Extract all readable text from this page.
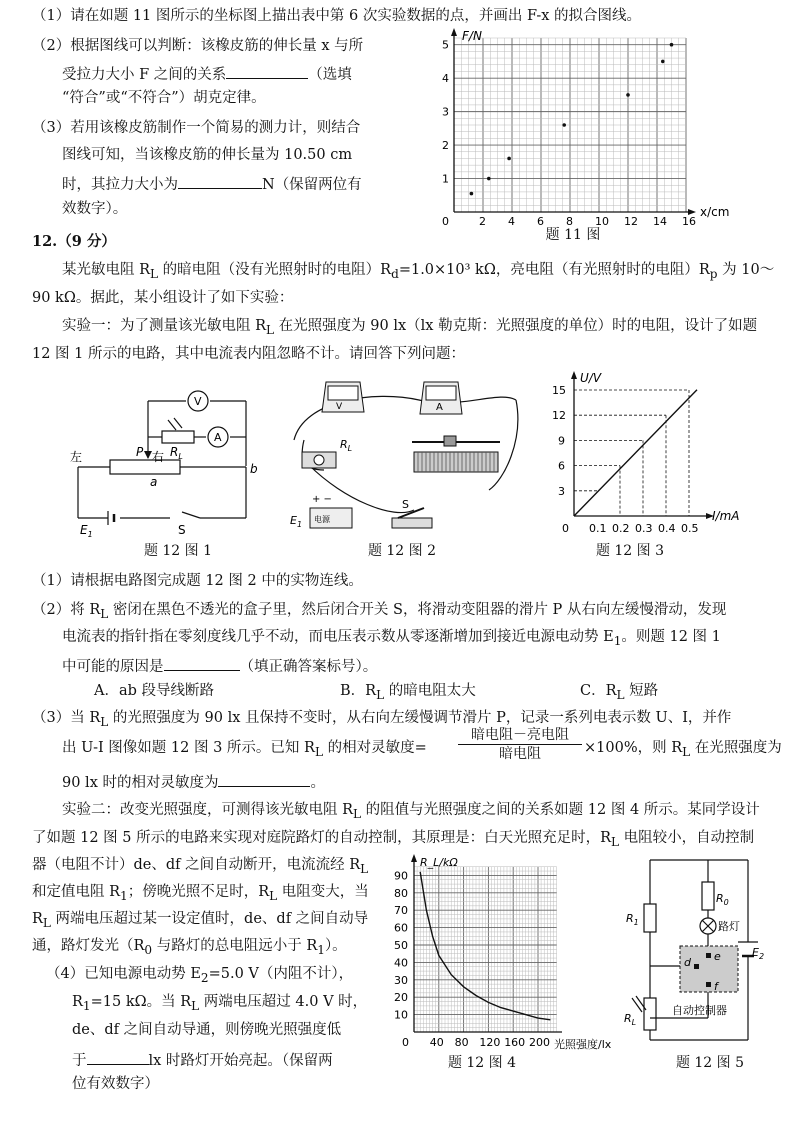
（1）请在如题 11 图所示的坐标图上描出表中第 6 次实验数据的点，并画出 F-x 的拟合图线。
（2）根据图线可以判断：该橡皮筋的伸长量 x 与所
受拉力大小 F 之间的关系	（选填
“符合”或“不符合”）胡克定律。
（3）若用该橡皮筋制作一个简易的测力计，则结合
图线可知，当该橡皮筋的伸长量为 10.50 cm
时，其拉力大小为	N（保留两位有
效数字）。
F/N
x/cm
0	2 4 6 8 10 12 14 16
1
2
3
4
5
题 11 图
12.（9 分）
某光敏电阻 $R_L$ 的暗电阻（没有光照射时的电阻）$R_d=1.0\times 10^3$ kΩ，亮电阻（有光照射时的电阻）$R_p$ 为 10～
90 kΩ。据此，某小组设计了如下实验：
实验一：为了测量该光敏电阻 $R_L$ 在光照强度为 90 lx（lx 勒克斯：光照强度的单位）时的电阻，设计了如题
12 图 1 所示的电路，其中电流表内阻忽略不计。请回答下列问题：
V
A
$R_L$
左	P 右
a
b
$E_1$	S
题 12 图 1
V	A
$R_L$
S
+ −
电源
$E_1$
题 12 图 2
U/V
I/mA
0 0.1 0.2 0.3 0.4 0.5
3
6
9
12
15
题 12 图 3
（1）请根据电路图完成题 12 图 2 中的实物连线。
（2）将 $R_L$ 密闭在黑色不透光的盒子里，然后闭合开关 S，将滑动变阻器的滑片 P 从右向左缓慢滑动，发现
电流表的指针指在零刻度线几乎不动，而电压表示数从零逐渐增加到接近电源电动势 $E_1$。则题 12 图 1
中可能的原因是	（填正确答案标号）。
A．ab 段导线断路	B．$R_L$ 的暗电阻太大	C．$R_L$ 短路
（3）当 $R_L$ 的光照强度为 90 lx 且保持不变时，从右向左缓慢调节滑片 P，记录一系列电表示数 U、I，并作
出 U-I 图像如题 12 图 3 所示。已知 $R_L$ 的相对灵敏度=
暗电阻－亮电阻
暗电阻	×100%，则 $R_L$ 在光照强度为
90 lx 时的相对灵敏度为	。
实验二：改变光照强度，可测得该光敏电阻 $R_L$ 的阻值与光照强度之间的关系如题 12 图 4 所示。某同学设计
了如题 12 图 5 所示的电路来实现对庭院路灯的自动控制，其原理是：白天光照充足时，$R_L$ 电阻较小，自动控制
器（电阻不计）de、df 之间自动断开，电流流经 $R_L$
和定值电阻 $R_1$；傍晚光照不足时，$R_L$ 电阻变大，当
$R_L$ 两端电压超过某一设定值时，de、df 之间自动导
通，路灯发光（$R_0$ 与路灯的总电阻远小于 $R_1$）。
（4）已知电源电动势 $E_2=5.0$ V（内阻不计），
$R_1=15$ kΩ。当 $R_L$ 两端电压超过 4.0 V 时，
de、df 之间自动导通，则傍晚光照强度低
于	lx 时路灯开始亮起。（保留两
位有效数字）
R_L/kΩ
光照强度/lx
0 40 80 120 160 200
10
20
30
40
50
60
70
80
90
题 12 图 4
$R_0$
路灯
$R_1$
$E_2$
d e
f
$R_L$
自动控制器
题 12 图 5
